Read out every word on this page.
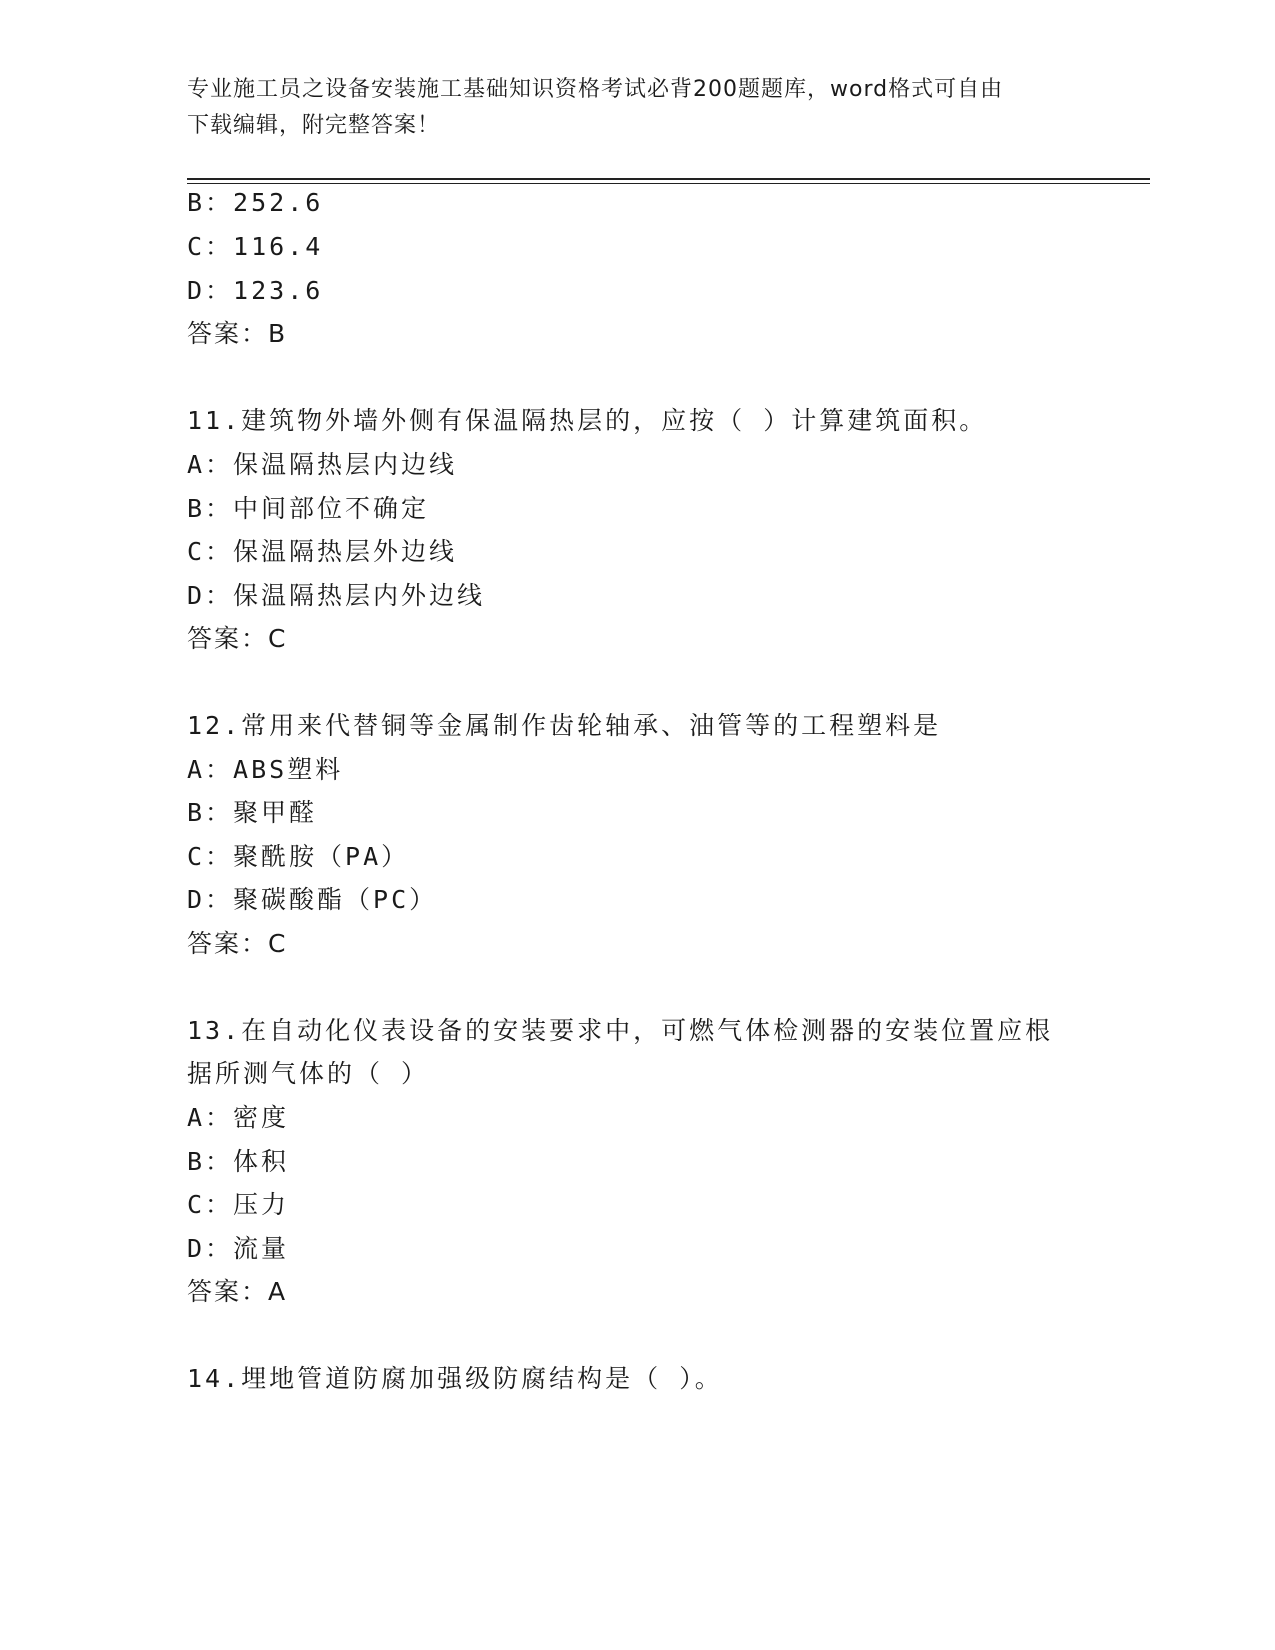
专业施工员之设备安装施工基础知识资格考试必背200题题库，word格式可自由
下载编辑，附完整答案！
B：252.6
C：116.4
D：123.6
答案：B
11.建筑物外墙外侧有保温隔热层的，应按（ ）计算建筑面积。
A：保温隔热层内边线
B：中间部位不确定
C：保温隔热层外边线
D：保温隔热层内外边线
答案：C
12.常用来代替铜等金属制作齿轮轴承、油管等的工程塑料是
A：ABS塑料
B：聚甲醛
C：聚酰胺（PA）
D：聚碳酸酯（PC）
答案：C
13.在自动化仪表设备的安装要求中，可燃气体检测器的安装位置应根
据所测气体的（ ）
A：密度
B：体积
C：压力
D：流量
答案：A
14.埋地管道防腐加强级防腐结构是（ ）。
